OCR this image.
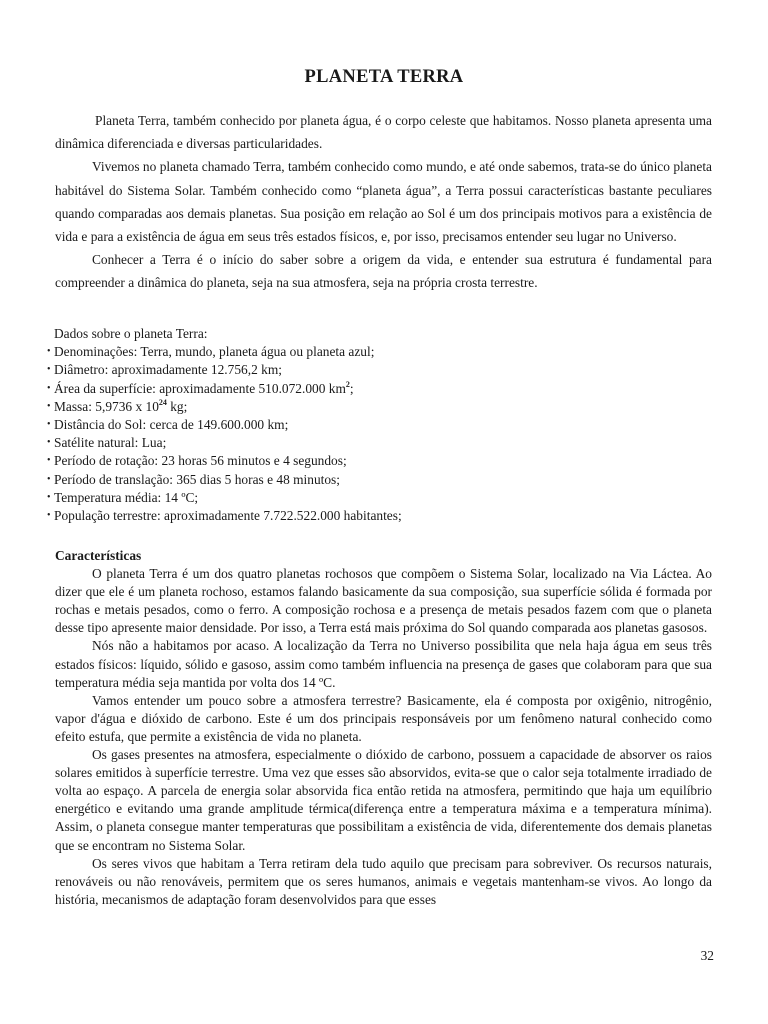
PLANETA TERRA

Planeta Terra, também conhecido por planeta água, é o corpo celeste que habitamos. Nosso planeta apresenta uma dinâmica diferenciada e diversas particularidades.

Vivemos no planeta chamado Terra, também conhecido como mundo, e até onde sabemos, trata-se do único planeta habitável do Sistema Solar. Também conhecido como “planeta água”, a Terra possui características bastante peculiares quando comparadas aos demais planetas. Sua posição em relação ao Sol é um dos principais motivos para a existência de vida e para a existência de água em seus três estados físicos, e, por isso, precisamos entender seu lugar no Universo.

Conhecer a Terra é o início do saber sobre a origem da vida, e entender sua estrutura é fundamental para compreender a dinâmica do planeta, seja na sua atmosfera, seja na própria crosta terrestre.

Dados sobre o planeta Terra:
• Denominações: Terra, mundo, planeta água ou planeta azul;
• Diâmetro: aproximadamente 12.756,2 km;
• Área da superfície: aproximadamente 510.072.000 $km^2$;
• Massa: 5,9736 x $10^{24}$ kg;
• Distância do Sol: cerca de 149.600.000 km;
• Satélite natural: Lua;
• Período de rotação: 23 horas 56 minutos e 4 segundos;
• Período de translação: 365 dias 5 horas e 48 minutos;
• Temperatura média: 14 ºC;
• População terrestre: aproximadamente 7.722.522.000 habitantes;
Características

O planeta Terra é um dos quatro planetas rochosos que compõem o Sistema Solar, localizado na Via Láctea. Ao dizer que ele é um planeta rochoso, estamos falando basicamente da sua composição, sua superfície sólida é formada por rochas e metais pesados, como o ferro. A composição rochosa e a presença de metais pesados fazem com que o planeta desse tipo apresente maior densidade. Por isso, a Terra está mais próxima do Sol quando comparada aos planetas gasosos.

Nós não a habitamos por acaso. A localização da Terra no Universo possibilita que nela haja água em seus três estados físicos: líquido, sólido e gasoso, assim como também influencia na presença de gases que colaboram para que sua temperatura média seja mantida por volta dos 14 ºC.

Vamos entender um pouco sobre a atmosfera terrestre? Basicamente, ela é composta por oxigênio, nitrogênio, vapor d'água e dióxido de carbono. Este é um dos principais responsáveis por um fenômeno natural conhecido como efeito estufa, que permite a existência de vida no planeta.

Os gases presentes na atmosfera, especialmente o dióxido de carbono, possuem a capacidade de absorver os raios solares emitidos à superfície terrestre. Uma vez que esses são absorvidos, evita-se que o calor seja totalmente irradiado de volta ao espaço. A parcela de energia solar absorvida fica então retida na atmosfera, permitindo que haja um equilíbrio energético e evitando uma grande amplitude térmica(diferença entre a temperatura máxima e a temperatura mínima). Assim, o planeta consegue manter temperaturas que possibilitam a existência de vida, diferentemente dos demais planetas que se encontram no Sistema Solar.

Os seres vivos que habitam a Terra retiram dela tudo aquilo que precisam para sobreviver. Os recursos naturais, renováveis ou não renováveis, permitem que os seres humanos, animais e vegetais mantenham-se vivos. Ao longo da história, mecanismos de adaptação foram desenvolvidos para que esses

32
